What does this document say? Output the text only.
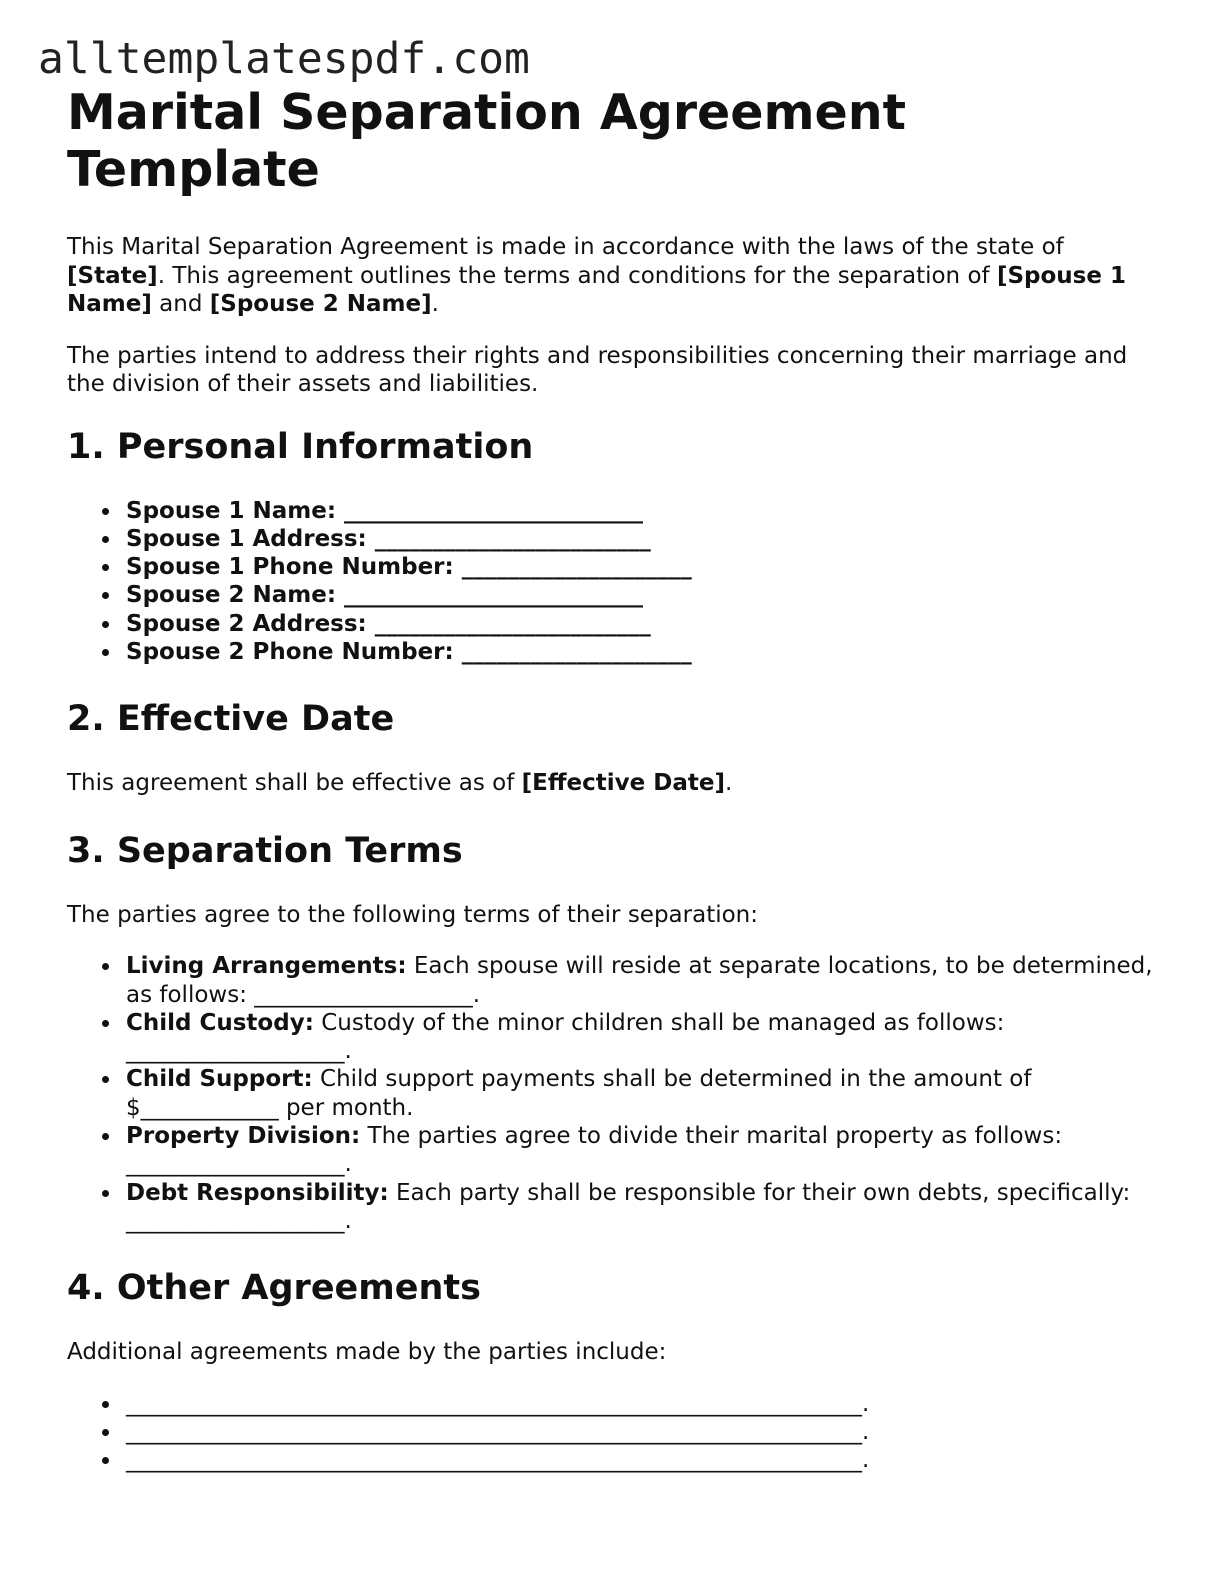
alltemplatespdf.com
Marital Separation Agreement Template

This Marital Separation Agreement is made in accordance with the laws of the state of [State]. This agreement outlines the terms and conditions for the separation of [Spouse 1 Name] and [Spouse 2 Name].

The parties intend to address their rights and responsibilities concerning their marriage and the division of their assets and liabilities.

1. Personal Information
Spouse 1 Name: __________________________
Spouse 1 Address: ________________________
Spouse 1 Phone Number: ____________________
Spouse 2 Name: __________________________
Spouse 2 Address: ________________________
Spouse 2 Phone Number: ____________________
2. Effective Date

This agreement shall be effective as of [Effective Date].

3. Separation Terms

The parties agree to the following terms of their separation:

Living Arrangements: Each spouse will reside at separate locations, to be determined, as follows: ___________________.
Child Custody: Custody of the minor children shall be managed as follows: ___________________.
Child Support: Child support payments shall be determined in the amount of $____________ per month.
Property Division: The parties agree to divide their marital property as follows: ___________________.
Debt Responsibility: Each party shall be responsible for their own debts, specifically: ___________________.
4. Other Agreements

Additional agreements made by the parties include:

________________________________________________________________.
________________________________________________________________.
________________________________________________________________.
